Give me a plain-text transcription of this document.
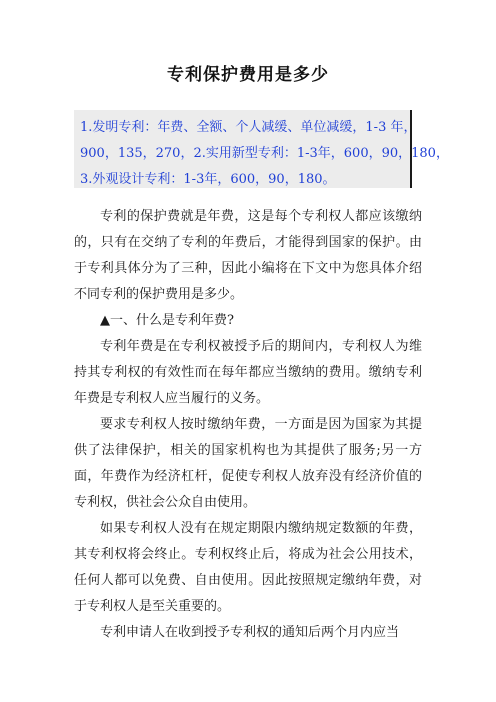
专利保护费用是多少
1.发明专利：年费、全额、个人减缓、单位减缓，1-3 年，
900，135，270，2.实用新型专利：1-3年，600，90，180，
3.外观设计专利：1-3年，600，90，180。

专利的保护费就是年费，这是每个专利权人都应该缴纳的，只有在交纳了专利的年费后，才能得到国家的保护。由于专利具体分为了三种，因此小编将在下文中为您具体介绍不同专利的保护费用是多少。

▲一、什么是专利年费?

专利年费是在专利权被授予后的期间内，专利权人为维持其专利权的有效性而在每年都应当缴纳的费用。缴纳专利年费是专利权人应当履行的义务。

要求专利权人按时缴纳年费，一方面是因为国家为其提供了法律保护，相关的国家机构也为其提供了服务;另一方面，年费作为经济杠杆，促使专利权人放弃没有经济价值的专利权，供社会公众自由使用。

如果专利权人没有在规定期限内缴纳规定数额的年费，其专利权将会终止。专利权终止后，将成为社会公用技术，任何人都可以免费、自由使用。因此按照规定缴纳年费，对于专利权人是至关重要的。

专利申请人在收到授予专利权的通知后两个月内应当
